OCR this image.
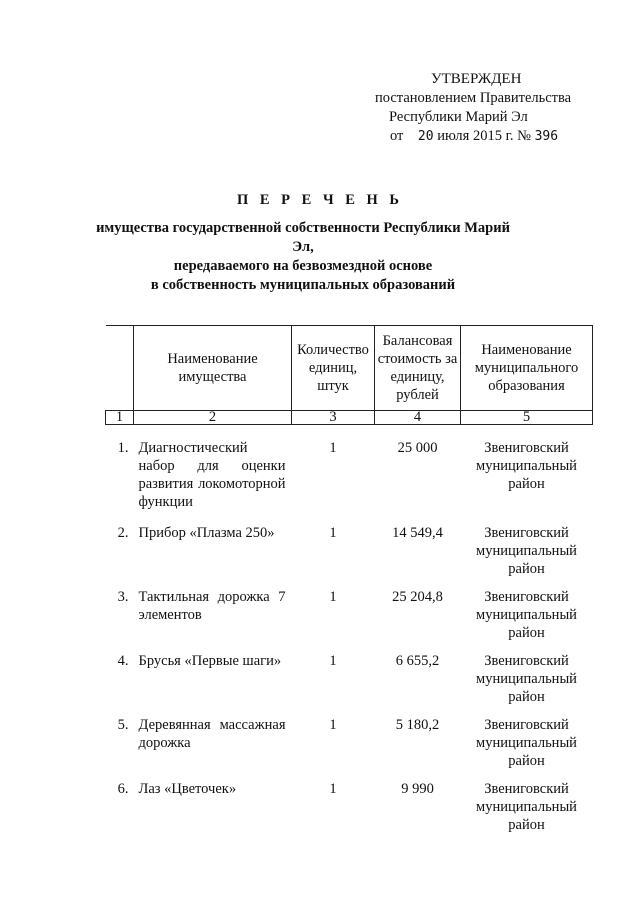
УТВЕРЖДЕН
постановлением Правительства
Республики Марий Эл
от 20 июля 2015 г. № 396
П Е Р Е Ч Е Н Ь
имущества государственной собственности Республики Марий Эл,
передаваемого на безвозмездной основе
в собственность муниципальных образований
	Наименование имущества	Количество единиц, штук	Балансовая стоимость за единицу, рублей	Наименование муниципального образования
1	2	3	4	5
1.	Диагностический набор для оценки развития локомоторной функции	1	25 000	Звениговский муниципальный район
2.	Прибор «Плазма 250»	1	14 549,4	Звениговский муниципальный район
3.	Тактильная дорожка 7 элементов	1	25 204,8	Звениговский муниципальный район
4.	Брусья «Первые шаги»	1	6 655,2	Звениговский муниципальный район
5.	Деревянная массажная дорожка	1	5 180,2	Звениговский муниципальный район
6.	Лаз «Цветочек»	1	9 990	Звениговский муниципальный район
